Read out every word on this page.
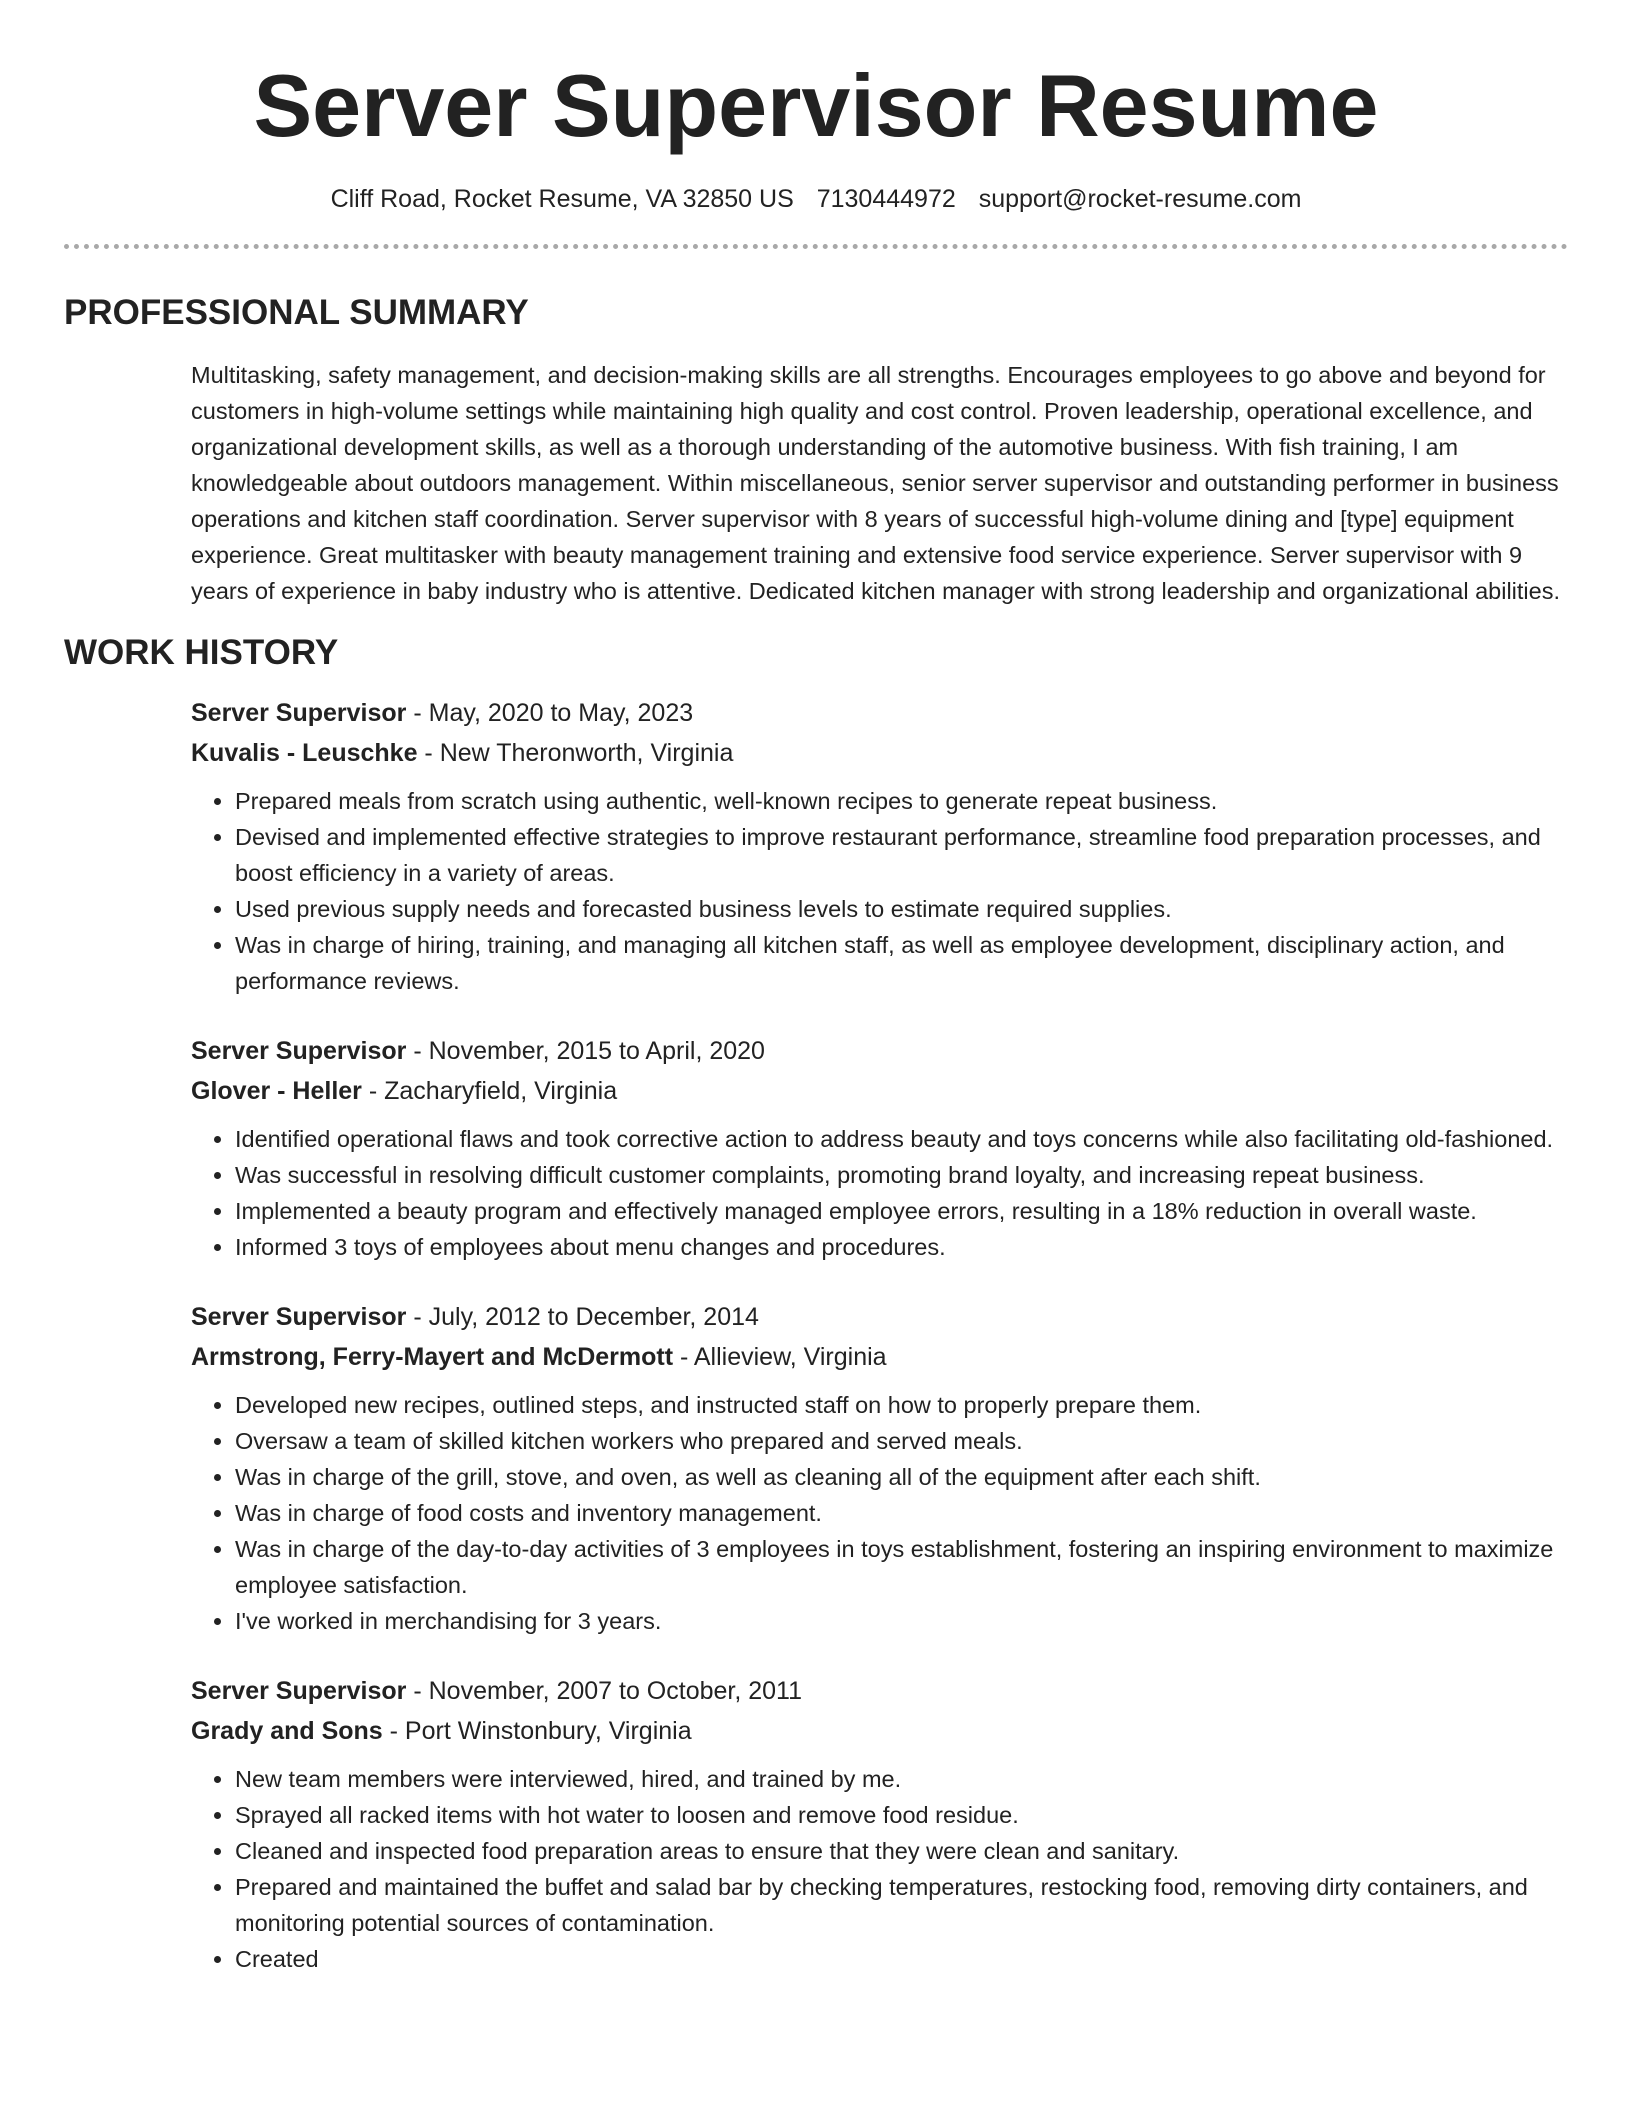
Server Supervisor Resume
Cliff Road, Rocket Resume, VA 32850 US 7130444972 support@rocket-resume.com
PROFESSIONAL SUMMARY

Multitasking, safety management, and decision-making skills are all strengths. Encourages employees to go above and beyond for customers in high-volume settings while maintaining high quality and cost control. Proven leadership, operational excellence, and organizational development skills, as well as a thorough understanding of the automotive business. With fish training, I am knowledgeable about outdoors management. Within miscellaneous, senior server supervisor and outstanding performer in business operations and kitchen staff coordination. Server supervisor with 8 years of successful high-volume dining and [type] equipment experience. Great multitasker with beauty management training and extensive food service experience. Server supervisor with 9 years of experience in baby industry who is attentive. Dedicated kitchen manager with strong leadership and organizational abilities.

WORK HISTORY
Server Supervisor - May, 2020 to May, 2023
Kuvalis - Leuschke - New Theronworth, Virginia
• Prepared meals from scratch using authentic, well-known recipes to generate repeat business.
• Devised and implemented effective strategies to improve restaurant performance, streamline food preparation processes, and boost efficiency in a variety of areas.
• Used previous supply needs and forecasted business levels to estimate required supplies.
• Was in charge of hiring, training, and managing all kitchen staff, as well as employee development, disciplinary action, and performance reviews.
Server Supervisor - November, 2015 to April, 2020
Glover - Heller - Zacharyfield, Virginia
• Identified operational flaws and took corrective action to address beauty and toys concerns while also facilitating old-fashioned.
• Was successful in resolving difficult customer complaints, promoting brand loyalty, and increasing repeat business.
• Implemented a beauty program and effectively managed employee errors, resulting in a 18% reduction in overall waste.
• Informed 3 toys of employees about menu changes and procedures.
Server Supervisor - July, 2012 to December, 2014
Armstrong, Ferry-Mayert and McDermott - Allieview, Virginia
• Developed new recipes, outlined steps, and instructed staff on how to properly prepare them.
• Oversaw a team of skilled kitchen workers who prepared and served meals.
• Was in charge of the grill, stove, and oven, as well as cleaning all of the equipment after each shift.
• Was in charge of food costs and inventory management.
• Was in charge of the day-to-day activities of 3 employees in toys establishment, fostering an inspiring environment to maximize employee satisfaction.
• I've worked in merchandising for 3 years.
Server Supervisor - November, 2007 to October, 2011
Grady and Sons - Port Winstonbury, Virginia
• New team members were interviewed, hired, and trained by me.
• Sprayed all racked items with hot water to loosen and remove food residue.
• Cleaned and inspected food preparation areas to ensure that they were clean and sanitary.
• Prepared and maintained the buffet and salad bar by checking temperatures, restocking food, removing dirty containers, and monitoring potential sources of contamination.
• Created
